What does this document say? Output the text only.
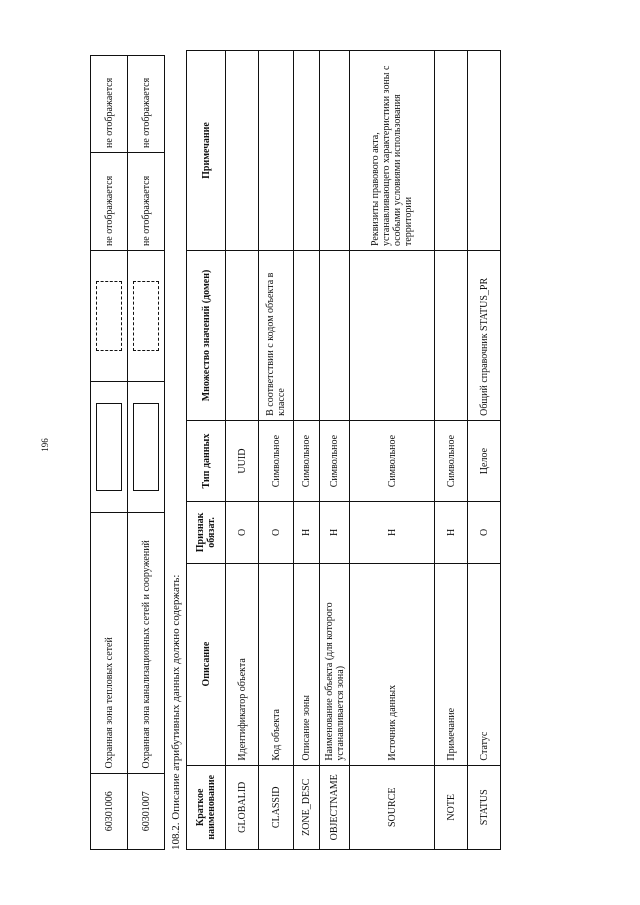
196
60301006	Охранная зона тепловых сетей			не отображается	не отображается
60301007	Охранная зона канализационных сетей и сооружений			не отображается	не отображается
108.2. Описание атрибутивных данных должно содержать: Краткое наименование	Описание	Признак обязат.	Тип данных	Множество значений (домен)	Примечание
GLOBALID	Идентификатор объекта	О	UUID		
CLASSID	Код объекта	О	Символьное	В соответствии с кодом объекта в классе	
ZONE_DESC	Описание зоны	Н	Символьное		
OBJECTNAME	Наименование объекта (для которого устанавливается зона)	Н	Символьное		
SOURCE	Источник данных	Н	Символьное		Реквизиты правового акта, устанавливающего характеристики зоны с особыми условиями использования территории
NOTE	Примечание	Н	Символьное		
STATUS	Статус	О	Целое	Общий справочник STATUS_PR	
